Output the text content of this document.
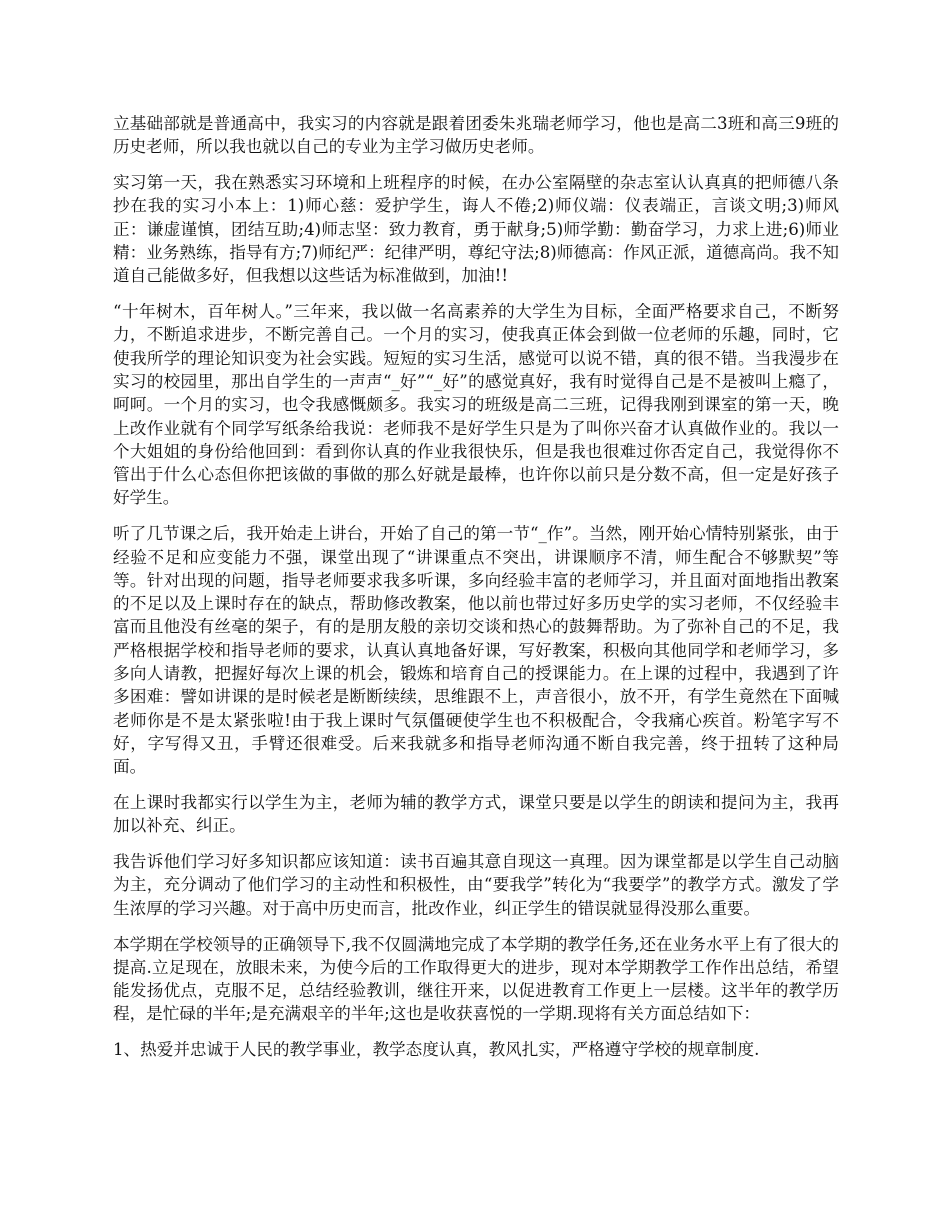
立基础部就是普通高中，我实习的内容就是跟着团委朱兆瑞老师学习，他也是高二3班和高三9班的历史老师，所以我也就以自己的专业为主学习做历史老师。

实习第一天，我在熟悉实习环境和上班程序的时候，在办公室隔壁的杂志室认认真真的把师德八条抄在我的实习小本上：1)师心慈：爱护学生，诲人不倦;2)师仪端：仪表端正，言谈文明;3)师风正：谦虚谨慎，团结互助;4)师志坚：致力教育，勇于献身;5)师学勤：勤奋学习，力求上进;6)师业精：业务熟练，指导有方;7)师纪严：纪律严明，尊纪守法;8)师德高：作风正派，道德高尚。我不知道自己能做多好，但我想以这些话为标准做到，加油!!

“十年树木，百年树人。”三年来，我以做一名高素养的大学生为目标，全面严格要求自己，不断努力，不断追求进步，不断完善自己。一个月的实习，使我真正体会到做一位老师的乐趣，同时，它使我所学的理论知识变为社会实践。短短的实习生活，感觉可以说不错，真的很不错。当我漫步在实习的校园里，那出自学生的一声声“_好”“_好”的感觉真好，我有时觉得自己是不是被叫上瘾了，呵呵。一个月的实习，也令我感慨颇多。我实习的班级是高二三班，记得我刚到课室的第一天，晚上改作业就有个同学写纸条给我说：老师我不是好学生只是为了叫你兴奋才认真做作业的。我以一个大姐姐的身份给他回到：看到你认真的作业我很快乐，但是我也很难过你否定自己，我觉得你不管出于什么心态但你把该做的事做的那么好就是最棒，也许你以前只是分数不高，但一定是好孩子好学生。

听了几节课之后，我开始走上讲台，开始了自己的第一节“_作”。当然，刚开始心情特别紧张，由于经验不足和应变能力不强，课堂出现了“讲课重点不突出，讲课顺序不清，师生配合不够默契”等等。针对出现的问题，指导老师要求我多听课，多向经验丰富的老师学习，并且面对面地指出教案的不足以及上课时存在的缺点，帮助修改教案，他以前也带过好多历史学的实习老师，不仅经验丰富而且他没有丝毫的架子，有的是朋友般的亲切交谈和热心的鼓舞帮助。为了弥补自己的不足，我严格根据学校和指导老师的要求，认真认真地备好课，写好教案，积极向其他同学和老师学习，多多向人请教，把握好每次上课的机会，锻炼和培育自己的授课能力。在上课的过程中，我遇到了许多困难：譬如讲课的是时候老是断断续续，思维跟不上，声音很小，放不开，有学生竟然在下面喊老师你是不是太紧张啦!由于我上课时气氛僵硬使学生也不积极配合，令我痛心疾首。粉笔字写不好，字写得又丑，手臂还很难受。后来我就多和指导老师沟通不断自我完善，终于扭转了这种局面。

在上课时我都实行以学生为主，老师为辅的教学方式，课堂只要是以学生的朗读和提问为主，我再加以补充、纠正。

我告诉他们学习好多知识都应该知道：读书百遍其意自现这一真理。因为课堂都是以学生自己动脑为主，充分调动了他们学习的主动性和积极性，由“要我学”转化为“我要学”的教学方式。激发了学生浓厚的学习兴趣。对于高中历史而言，批改作业，纠正学生的错误就显得没那么重要。

本学期在学校领导的正确领导下,我不仅圆满地完成了本学期的教学任务,还在业务水平上有了很大的提高.立足现在，放眼未来，为使今后的工作取得更大的进步，现对本学期教学工作作出总结，希望能发扬优点，克服不足，总结经验教训，继往开来，以促进教育工作更上一层楼。这半年的教学历程，是忙碌的半年;是充满艰辛的半年;这也是收获喜悦的一学期.现将有关方面总结如下：

1、热爱并忠诚于人民的教学事业，教学态度认真，教风扎实，严格遵守学校的规章制度.
